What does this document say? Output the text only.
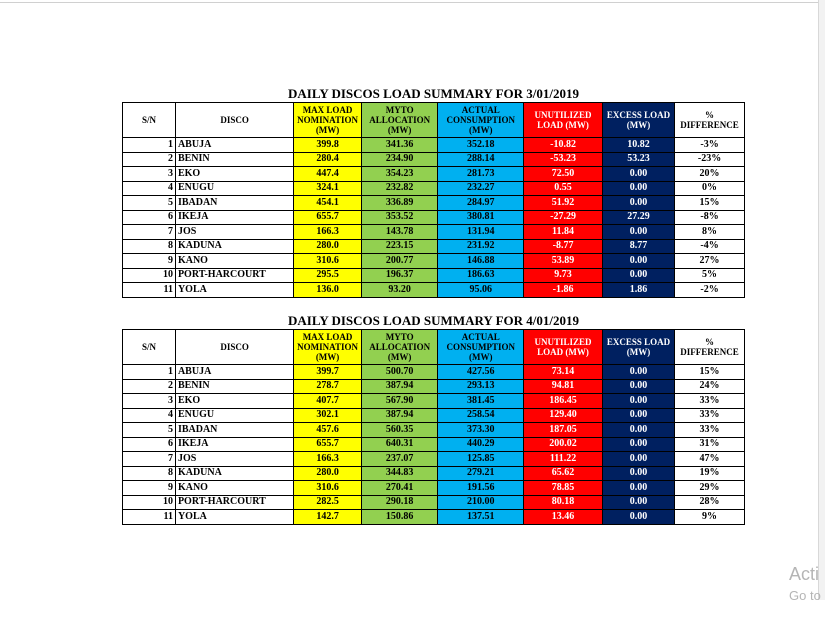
DAILY DISCOS LOAD SUMMARY FOR 3/01/2019
S/N	DISCO	MAX LOAD NOMINATION (MW)	MYTO ALLOCATION (MW)	ACTUAL CONSUMPTION (MW)	UNUTILIZED LOAD (MW)	EXCESS LOAD (MW)	% DIFFERENCE
1	ABUJA	399.8	341.36	352.18	-10.82	10.82	-3%
2	BENIN	280.4	234.90	288.14	-53.23	53.23	-23%
3	EKO	447.4	354.23	281.73	72.50	0.00	20%
4	ENUGU	324.1	232.82	232.27	0.55	0.00	0%
5	IBADAN	454.1	336.89	284.97	51.92	0.00	15%
6	IKEJA	655.7	353.52	380.81	-27.29	27.29	-8%
7	JOS	166.3	143.78	131.94	11.84	0.00	8%
8	KADUNA	280.0	223.15	231.92	-8.77	8.77	-4%
9	KANO	310.6	200.77	146.88	53.89	0.00	27%
10	PORT-HARCOURT	295.5	196.37	186.63	9.73	0.00	5%
11	YOLA	136.0	93.20	95.06	-1.86	1.86	-2%
DAILY DISCOS LOAD SUMMARY FOR 4/01/2019
S/N	DISCO	MAX LOAD NOMINATION (MW)	MYTO ALLOCATION (MW)	ACTUAL CONSUMPTION (MW)	UNUTILIZED LOAD (MW)	EXCESS LOAD (MW)	% DIFFERENCE
1	ABUJA	399.7	500.70	427.56	73.14	0.00	15%
2	BENIN	278.7	387.94	293.13	94.81	0.00	24%
3	EKO	407.7	567.90	381.45	186.45	0.00	33%
4	ENUGU	302.1	387.94	258.54	129.40	0.00	33%
5	IBADAN	457.6	560.35	373.30	187.05	0.00	33%
6	IKEJA	655.7	640.31	440.29	200.02	0.00	31%
7	JOS	166.3	237.07	125.85	111.22	0.00	47%
8	KADUNA	280.0	344.83	279.21	65.62	0.00	19%
9	KANO	310.6	270.41	191.56	78.85	0.00	29%
10	PORT-HARCOURT	282.5	290.18	210.00	80.18	0.00	28%
11	YOLA	142.7	150.86	137.51	13.46	0.00	9%
Acti
Go to
